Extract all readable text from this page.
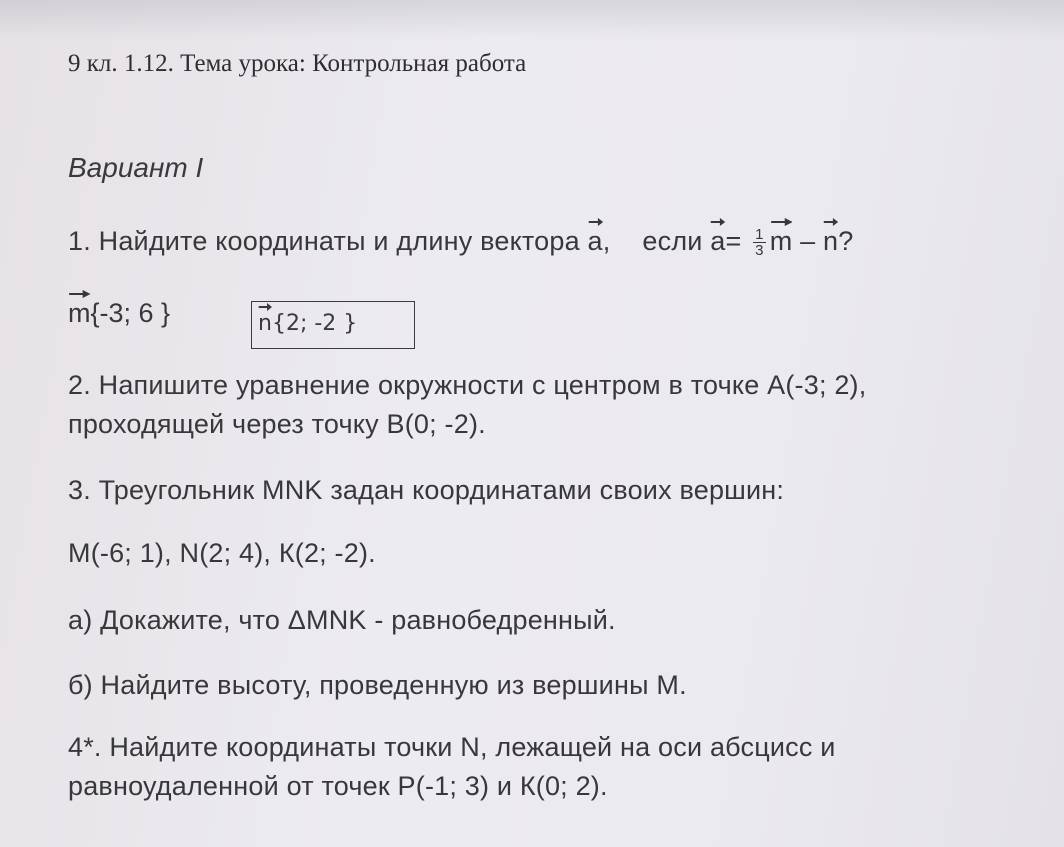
9 кл. 1.12. Тема урока: Контрольная работа
Вариант I
1. Найдите координаты и длину вектора
a, если
$a= \frac{1}{3}$ m –
n?
m{-3; 6 }	n{2; -2 }
2. Напишите уравнение окружности с центром в точке А(-3; 2),
проходящей через точку В(0; -2).
3. Треугольник MNK задан координатами своих вершин:
М(-6; 1), N(2; 4), К(2; -2).
а) Докажите, что ΔMNK - равнобедренный.
б) Найдите высоту, проведенную из вершины М.
4*. Найдите координаты точки N, лежащей на оси абсцисс и
равноудаленной от точек Р(-1; 3) и К(0; 2).
